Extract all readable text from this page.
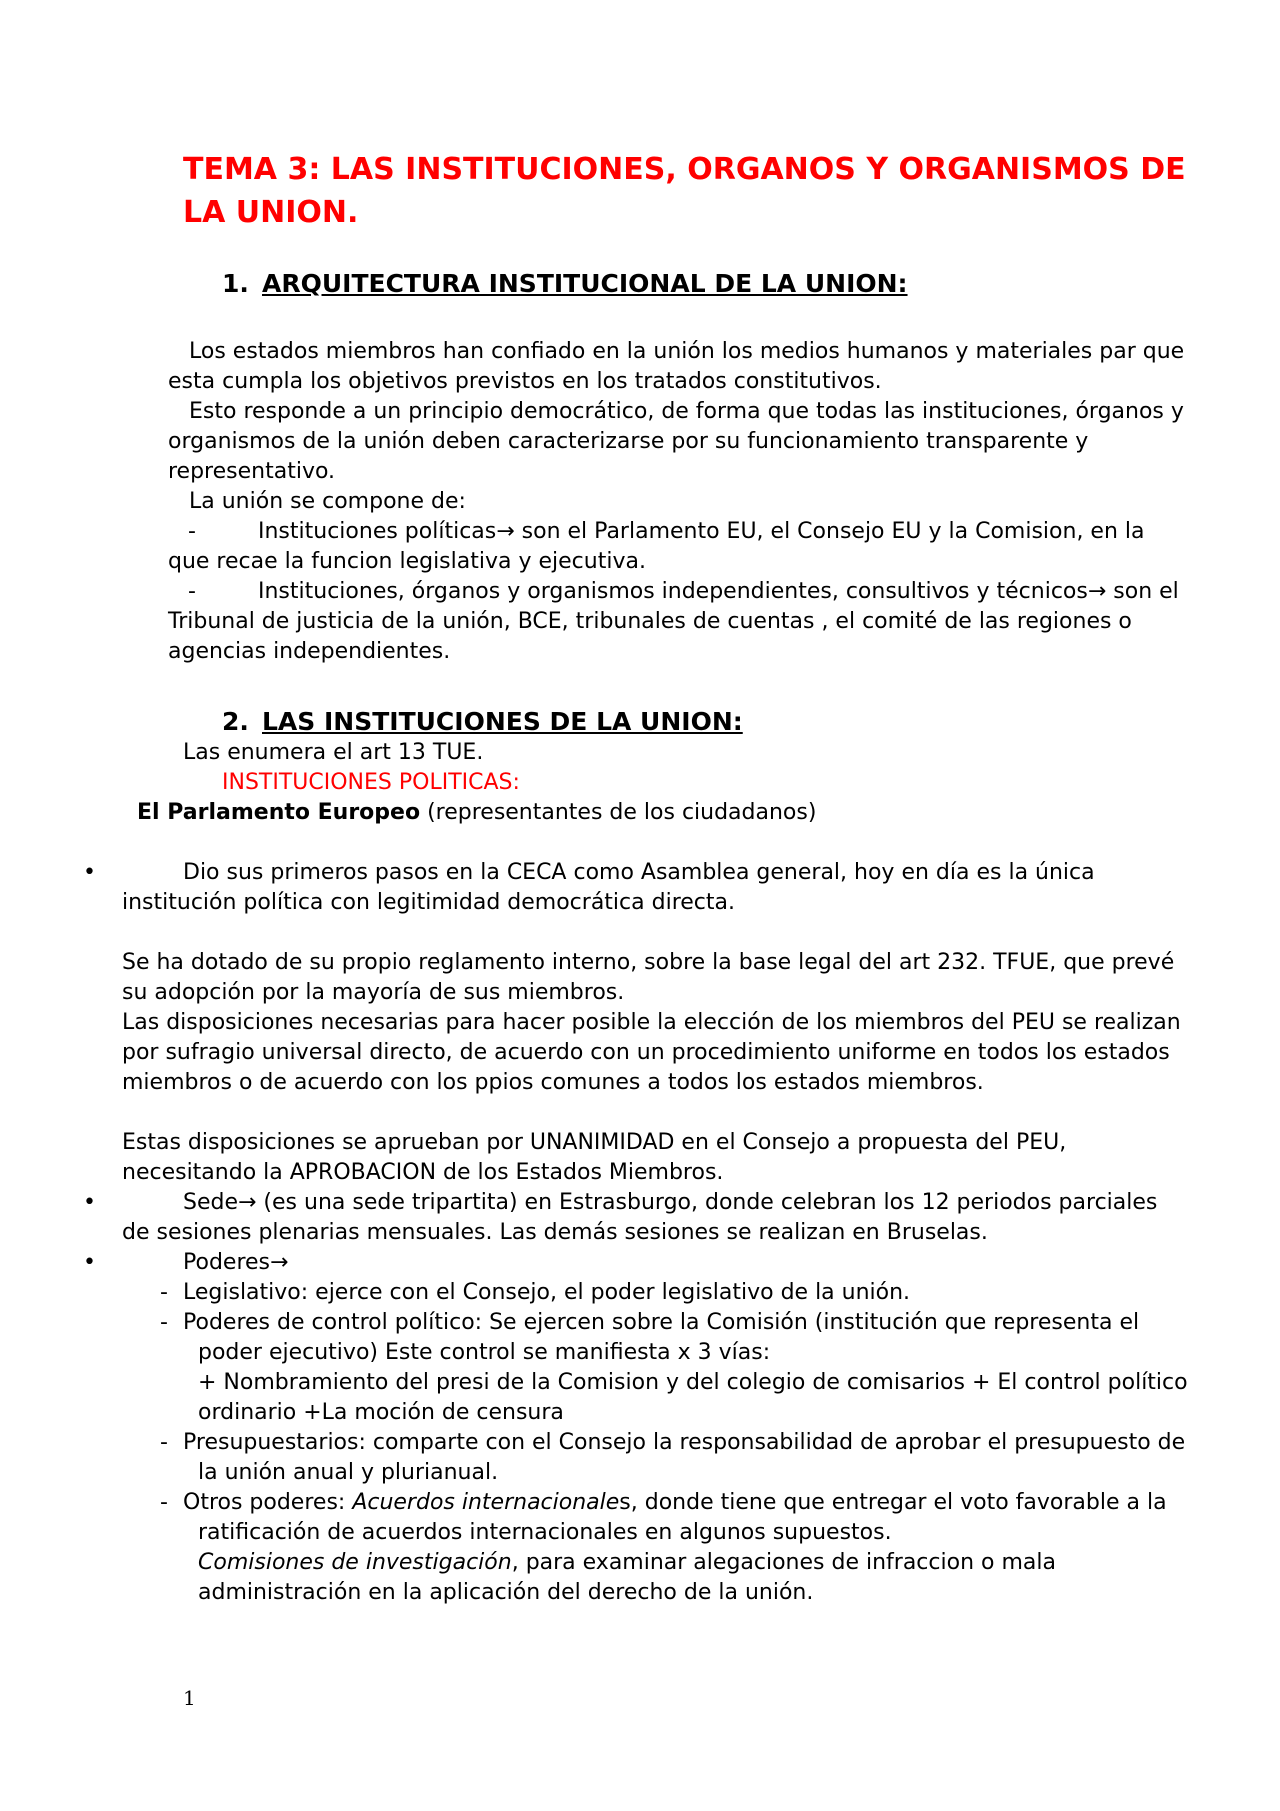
TEMA 3: LAS INSTITUCIONES, ORGANOS Y ORGANISMOS DE
LA UNION.
1. ARQUITECTURA INSTITUCIONAL DE LA UNION:
Los estados miembros han confiado en la unión los medios humanos y materiales par que
esta cumpla los objetivos previstos en los tratados constitutivos.
Esto responde a un principio democrático, de forma que todas las instituciones, órganos y
organismos de la unión deben caracterizarse por su funcionamiento transparente y
representativo.
La unión se compone de:
-	Instituciones políticas→ son el Parlamento EU, el Consejo EU y la Comision, en la
que recae la funcion legislativa y ejecutiva.
-	Instituciones, órganos y organismos independientes, consultivos y técnicos→ son el
Tribunal de justicia de la unión, BCE, tribunales de cuentas , el comité de las regiones o
agencias independientes.
2. LAS INSTITUCIONES DE LA UNION:
Las enumera el art 13 TUE.
INSTITUCIONES POLITICAS:
El Parlamento Europeo (representantes de los ciudadanos)
•	Dio sus primeros pasos en la CECA como Asamblea general, hoy en día es la única
institución política con legitimidad democrática directa.
Se ha dotado de su propio reglamento interno, sobre la base legal del art 232. TFUE, que prevé
su adopción por la mayoría de sus miembros.
Las disposiciones necesarias para hacer posible la elección de los miembros del PEU se realizan
por sufragio universal directo, de acuerdo con un procedimiento uniforme en todos los estados
miembros o de acuerdo con los ppios comunes a todos los estados miembros.
Estas disposiciones se aprueban por UNANIMIDAD en el Consejo a propuesta del PEU,
necesitando la APROBACION de los Estados Miembros.
•	Sede→ (es una sede tripartita) en Estrasburgo, donde celebran los 12 periodos parciales
de sesiones plenarias mensuales. Las demás sesiones se realizan en Bruselas.
•	Poderes→
- Legislativo: ejerce con el Consejo, el poder legislativo de la unión.
- Poderes de control político: Se ejercen sobre la Comisión (institución que representa el
poder ejecutivo) Este control se manifiesta x 3 vías:
+ Nombramiento del presi de la Comision y del colegio de comisarios + El control político
ordinario +La moción de censura
- Presupuestarios: comparte con el Consejo la responsabilidad de aprobar el presupuesto de
la unión anual y plurianual.
- Otros poderes: Acuerdos internacionales, donde tiene que entregar el voto favorable a la
ratificación de acuerdos internacionales en algunos supuestos.
Comisiones de investigación, para examinar alegaciones de infraccion o mala
administración en la aplicación del derecho de la unión.
1
